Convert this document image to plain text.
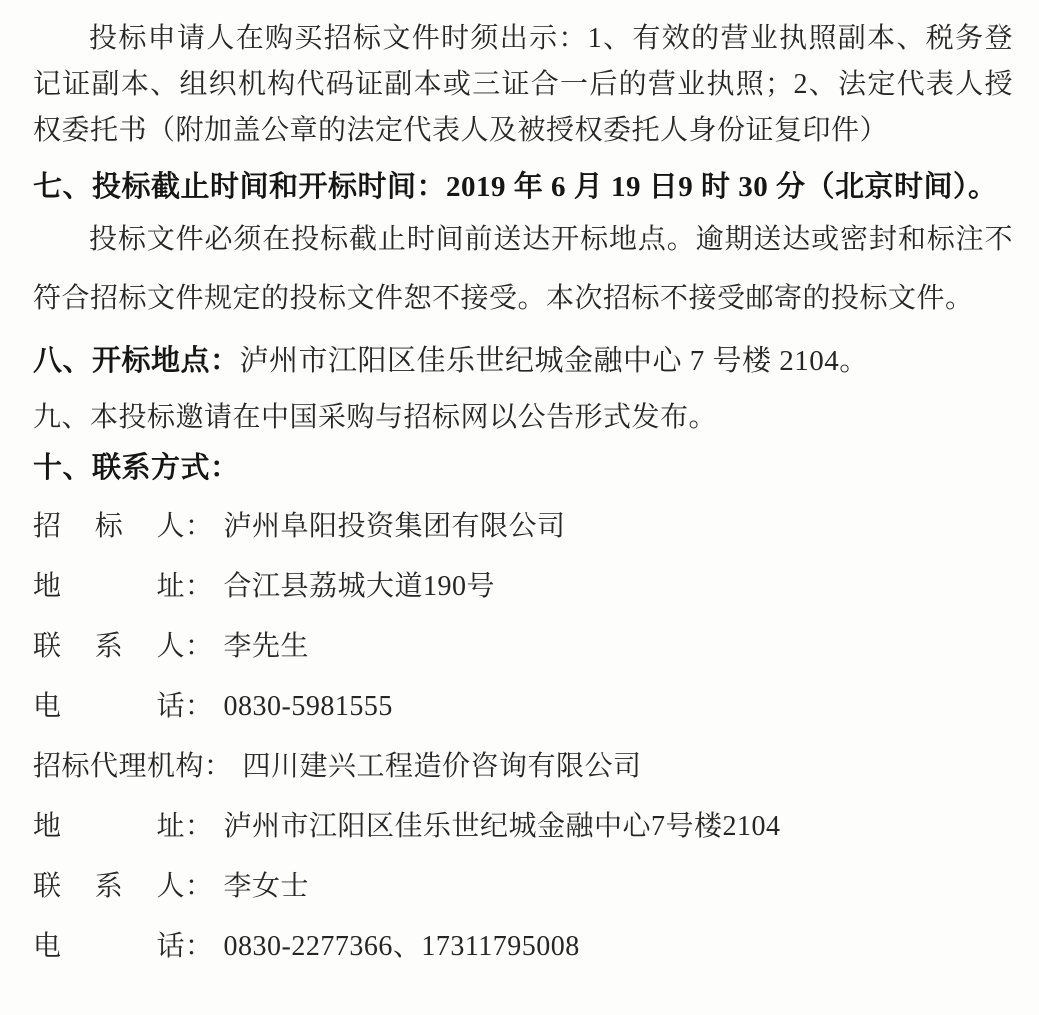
投标申请人在购买招标文件时须出示：1、有效的营业执照副本、税务登记证副本、组织机构代码证副本或三证合一后的营业执照；2、法定代表人授权委托书（附加盖公章的法定代表人及被授权委托人身份证复印件）

七、投标截止时间和开标时间：2019 年 6 月 19 日9 时 30 分（北京时间）。

投标文件必须在投标截止时间前送达开标地点。逾期送达或密封和标注不符合招标文件规定的投标文件恕不接受。本次招标不接受邮寄的投标文件。

八、开标地点：泸州市江阳区佳乐世纪城金融中心 7 号楼 2104。

九、本投标邀请在中国采购与招标网以公告形式发布。

十、联系方式：

招标人： 泸州阜阳投资集团有限公司
地址： 合江县荔城大道190号
联系人： 李先生
电话： 0830-5981555
招标代理机构： 四川建兴工程造价咨询有限公司
地址： 泸州市江阳区佳乐世纪城金融中心7号楼2104
联系人： 李女士
电话： 0830-2277366、17311795008
